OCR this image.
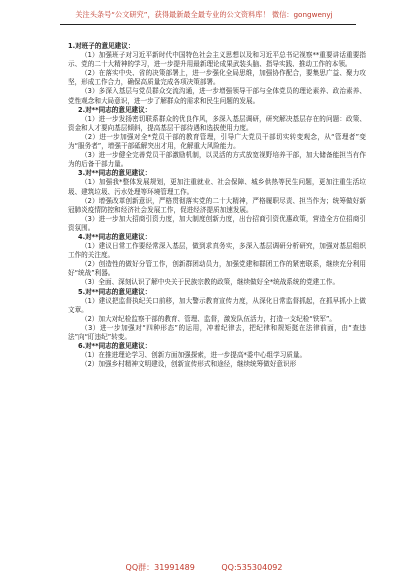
关注头条号“公文研究”，获得最新最全最专业的公文资料库！ 微信：gongwenyj

1.对班子的意见建议：

（1）加强班子对习近平新时代中国特色社会主义思想以及和习近平总书记视察**重要讲话重要指示、党的二十大精神的学习，进一步提升用最新理论成果武装头脑、指导实践、推动工作的本领。

（2）在落实中央、省的决策部署上，进一步强化全局思维，加强协作配合，要集思广益、聚力攻坚，形成工作合力，确保高质量完成各项决策部署。

（3）多深入基层与党员群众交流沟通，进一步增强领导干部与全体党员的理论素养、政治素养、党性观念和大局意识，进一步了解群众的需求和民生问题的发展。

2.对**同志的意见建议：

（1）进一步发扬密切联系群众的优良作风，多深入基层调研，研究解决基层存在的问题：政策、资金和人才要向基层倾斜，提高基层干部待遇和选拔使用力度。

（2）进一步加强对全*党员干部的教育管理，引导广大党员干部切实转变观念，从“管理者”变为“服务者”，增强干部砥解突出才用，化解重大风险能力。

（3）进一步健全完善党员干部激励机制，以灵活的方式放宽视野培养干部，加大储备能担当有作为的后备干部力量。

3.对**同志的意见建议：

（1）加强我*整体发展规划，更加注重就业、社会保障、城乡供热等民生问题，更加注重生活垃圾、建筑垃圾、污水处理等环境管理工作。

（2）增强改革创新意识，严格贯彻落实党的二十大精神，严格履职尽责、担当作为；统筹做好新冠肺炎疫情防控和经济社会发展工作，促进经济提质加速发展。

（3）进一步加大招商引资力度，加大制度创新力度，出台招商引资优惠政策，营造全方位招商引资氛围。

4.对**同志的意见建议：

（1）建议日常工作要经常深入基层，做到求真务实，多深入基层调研分析研究，加强对基层组织工作的关注度。

（2）创造性的做好分管工作，创新群团动员力，加强党建和群团工作的紧密联系，继续充分利用好“统战”利器。

（3）全面、深刻认识了解中央关于民族宗教的政策，继续做好全*统战系统的党建工作。

5.对**同志的意见建议：

（1）建议把监督执纪关口前移，加大警示教育宣传力度，从深化日常监督抓起，在抓早抓小上做文章。

（2）加大对纪检监察干部的教育、管理、监督，激发队伍活力，打造一支纪检“铁军”。

（3）进一步加强对“四种形态”的运用，冲着纪律去，把纪律和规矩挺在法律前面，由“查违法”向“盯违纪”转变。

6.对**同志的意见建议：

（1）在推进理论学习、创新方面加强探索，进一步提高*委中心组学习质量。

（2）加强乡村精神文明建设，创新宣传形式和途径，继续统筹做好意识形

QQ群：31991489	QQ:535304092
